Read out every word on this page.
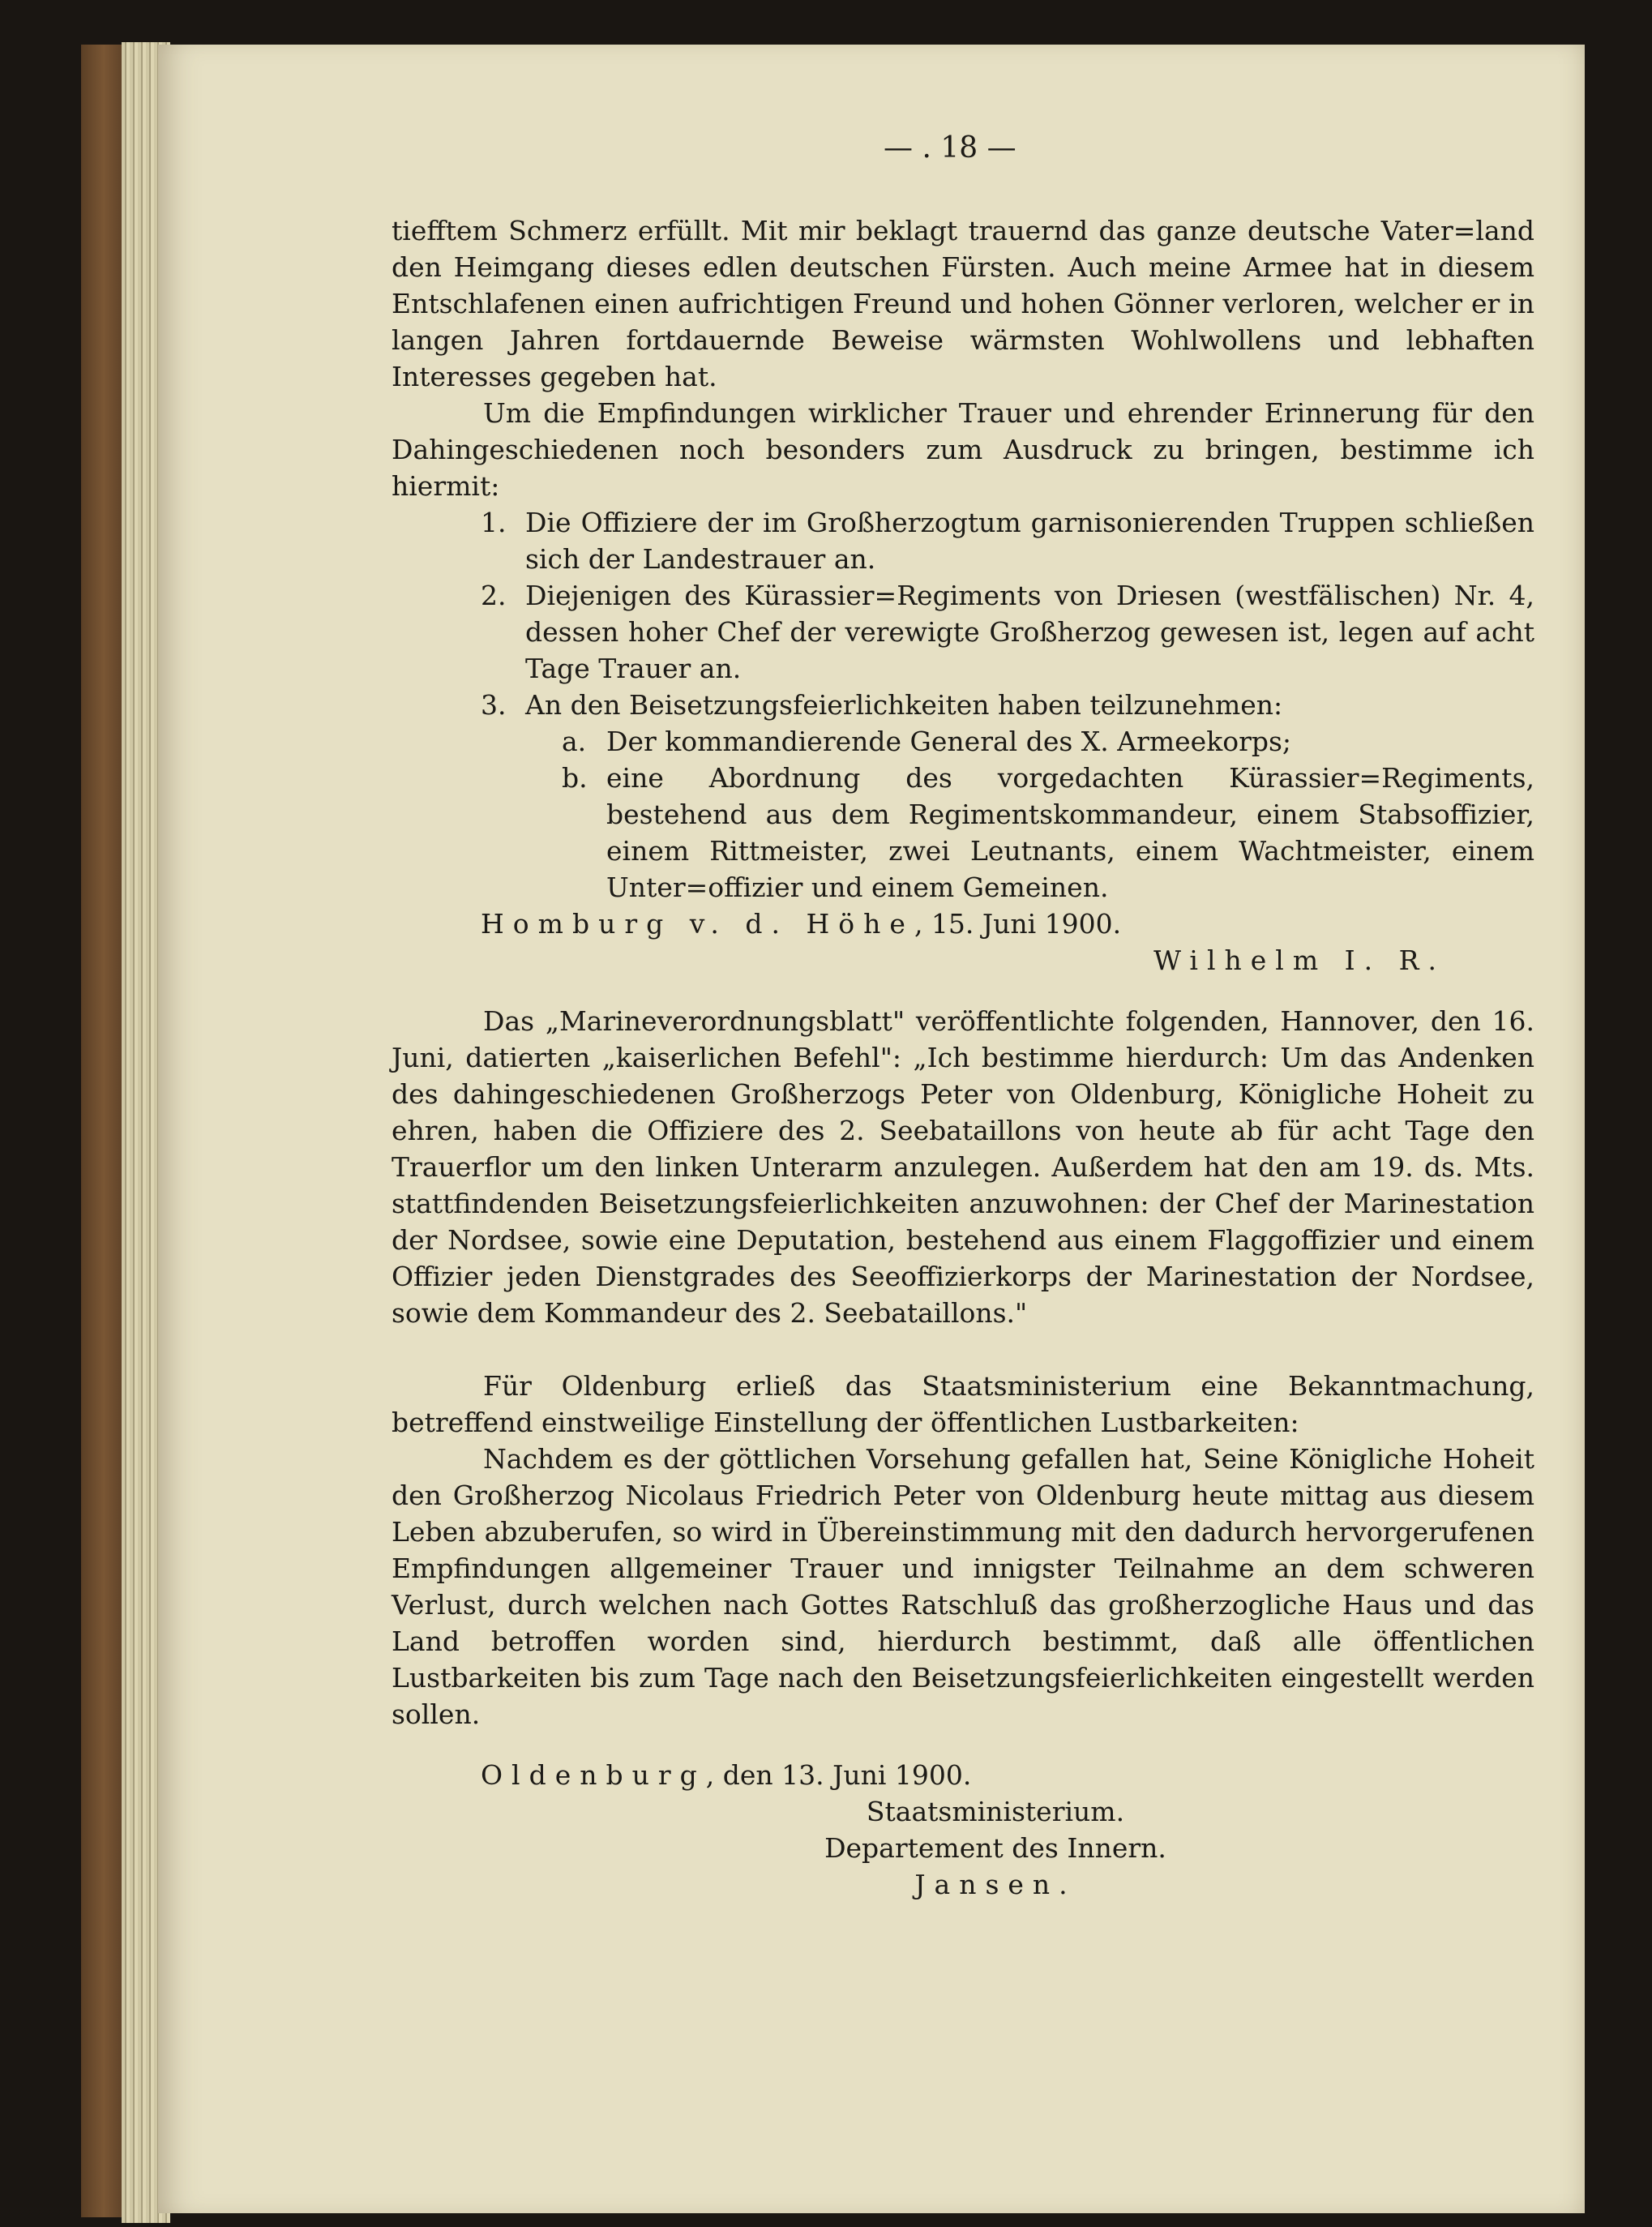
— . 18 —

tiefftem Schmerz erfüllt. Mit mir beklagt trauernd das ganze deutsche Vater=land den Heimgang dieses edlen deutschen Fürsten. Auch meine Armee hat in diesem Entschlafenen einen aufrichtigen Freund und hohen Gönner verloren, welcher er in langen Jahren fortdauernde Beweise wärmsten Wohlwollens und lebhaften Interesses gegeben hat.

Um die Empfindungen wirklicher Trauer und ehrender Erinnerung für den Dahingeschiedenen noch besonders zum Ausdruck zu bringen, bestimme ich hiermit:

1. Die Offiziere der im Großherzogtum garnisonierenden Truppen schließen sich der Landestrauer an.
2. Diejenigen des Kürassier=Regiments von Driesen (westfälischen) Nr. 4, dessen hoher Chef der verewigte Großherzog gewesen ist, legen auf acht Tage Trauer an.
3. An den Beisetzungsfeierlichkeiten haben teilzunehmen:
a. Der kommandierende General des X. Armeekorps;
b. eine Abordnung des vorgedachten Kürassier=Regiments, bestehend aus dem Regimentskommandeur, einem Stabsoffizier, einem Rittmeister, zwei Leutnants, einem Wachtmeister, einem Unter=offizier und einem Gemeinen.

Homburg v. d. Höhe, 15. Juni 1900.

Wilhelm I. R.

Das „Marineverordnungsblatt" veröffentlichte folgenden, Hannover, den 16. Juni, datierten „kaiserlichen Befehl": „Ich bestimme hierdurch: Um das Andenken des dahingeschiedenen Großherzogs Peter von Oldenburg, Königliche Hoheit zu ehren, haben die Offiziere des 2. Seebataillons von heute ab für acht Tage den Trauerflor um den linken Unterarm anzulegen. Außerdem hat den am 19. ds. Mts. stattfindenden Beisetzungsfeierlichkeiten anzuwohnen: der Chef der Marinestation der Nordsee, sowie eine Deputation, bestehend aus einem Flaggoffizier und einem Offizier jeden Dienstgrades des Seeoffizierkorps der Marinestation der Nordsee, sowie dem Kommandeur des 2. Seebataillons."

Für Oldenburg erließ das Staatsministerium eine Bekanntmachung, betreffend einstweilige Einstellung der öffentlichen Lustbarkeiten:

Nachdem es der göttlichen Vorsehung gefallen hat, Seine Königliche Hoheit den Großherzog Nicolaus Friedrich Peter von Oldenburg heute mittag aus diesem Leben abzuberufen, so wird in Übereinstimmung mit den dadurch hervorgerufenen Empfindungen allgemeiner Trauer und innigster Teilnahme an dem schweren Verlust, durch welchen nach Gottes Ratschluß das großherzogliche Haus und das Land betroffen worden sind, hierdurch bestimmt, daß alle öffentlichen Lustbarkeiten bis zum Tage nach den Beisetzungsfeierlichkeiten eingestellt werden sollen.

Oldenburg, den 13. Juni 1900.

Staatsministerium.

Departement des Innern.

Jansen.
